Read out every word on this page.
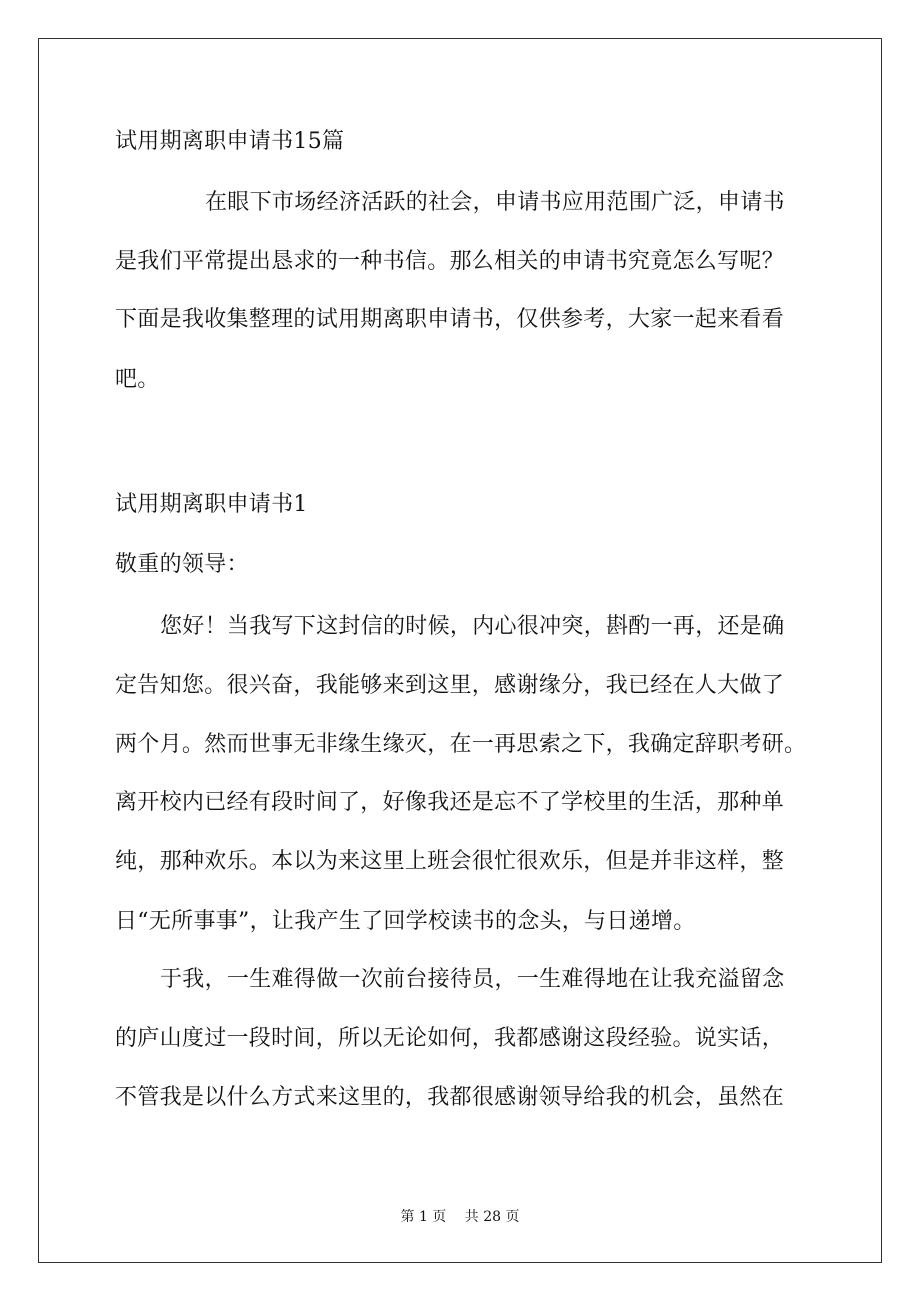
试用期离职申请书15篇
在眼下市场经济活跃的社会，申请书应用范围广泛，申请书
是我们平常提出恳求的一种书信。那么相关的申请书究竟怎么写呢？
下面是我收集整理的试用期离职申请书，仅供参考，大家一起来看看
吧。
试用期离职申请书1
敬重的领导：
您好！当我写下这封信的时候，内心很冲突，斟酌一再，还是确
定告知您。很兴奋，我能够来到这里，感谢缘分，我已经在人大做了
两个月。然而世事无非缘生缘灭，在一再思索之下，我确定辞职考研。
离开校内已经有段时间了，好像我还是忘不了学校里的生活，那种单
纯，那种欢乐。本以为来这里上班会很忙很欢乐，但是并非这样，整
日“无所事事”，让我产生了回学校读书的念头，与日递增。
于我，一生难得做一次前台接待员，一生难得地在让我充溢留念
的庐山度过一段时间，所以无论如何，我都感谢这段经验。说实话，
不管我是以什么方式来这里的，我都很感谢领导给我的机会，虽然在
第 1 页　 共 28 页
